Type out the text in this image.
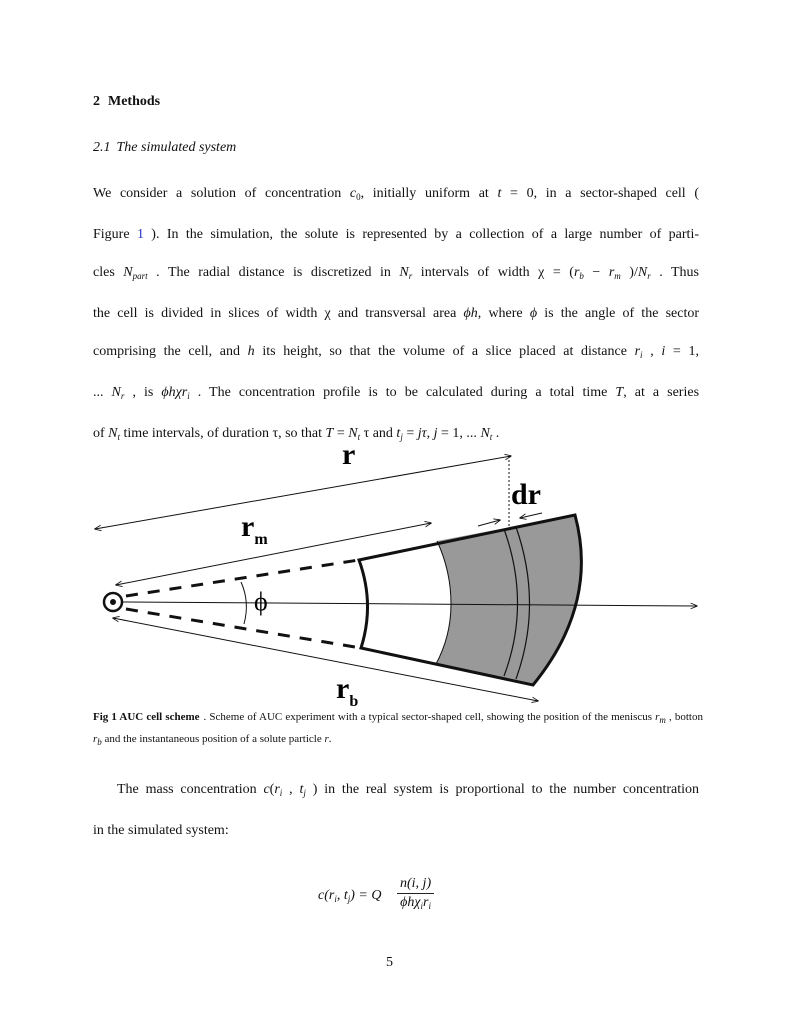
2 Methods
2.1 The simulated system
We consider a solution of concentration $c_0$, initially uniform at t = 0, in a sector-shaped cell (
Figure 1 ). In the simulation, the solute is represented by a collection of a large number of parti-
cles $N_{part}$ . The radial distance is discretized in $N_r$ intervals of width $\chi = (r_b - r_m$ )$/N_r$ . Thus
the cell is divided in slices of width χ and transversal area ϕh, where ϕ is the angle of the sector
comprising the cell, and h its height, so that the volume of a slice placed at distance $r_i$ , i = 1,
... $N_r$ , is ϕhχr$_i$ . The concentration profile is to be calculated during a total time T, at a series
of $N_t$ time intervals, of duration τ, so that $T = N_t$ τ and $t_j = j\tau$, j = 1, ... $N_t$ .
r
dr
$r_m$
ϕ
$r_b$
Fig 1 AUC cell scheme . Scheme of AUC experiment with a typical sector-shaped cell, showing the position of the meniscus $r_m$ , botton $r_b$ and the instantaneous position of a solute particle r.
The mass concentration $c(r_i$ , $t_j$ ) in the real system is proportional to the number concentration
in the simulated system:
$c(r_i$, $t_j) = Q$
n(i, j)
$\phi h\chi_ir_i$
5
